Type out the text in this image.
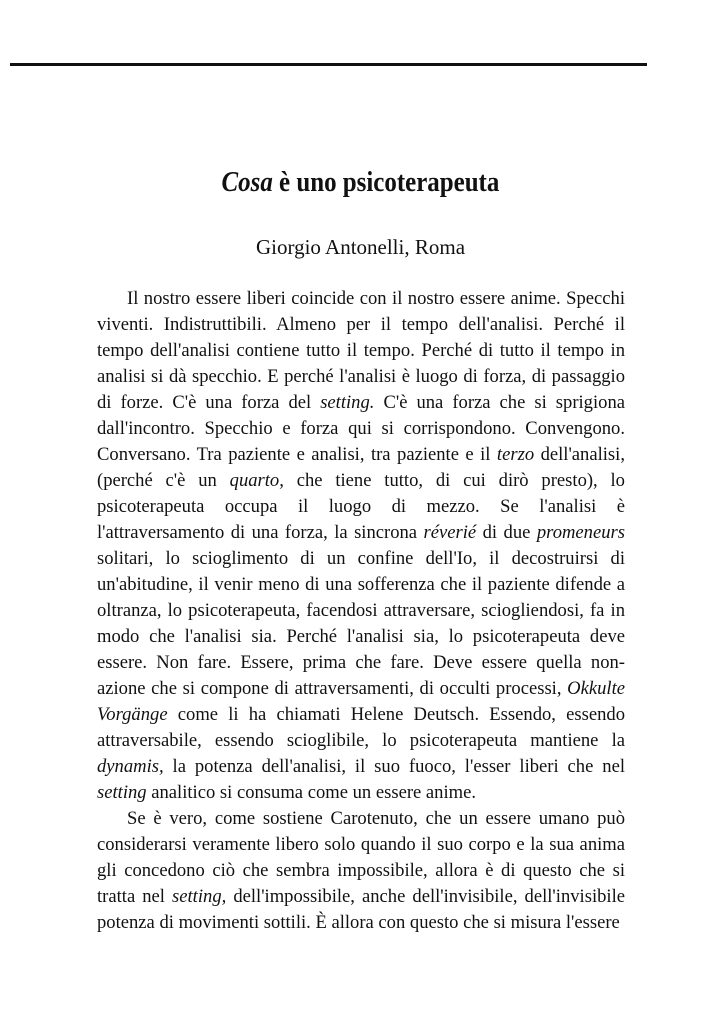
Cosa è uno psicoterapeuta

Giorgio Antonelli, Roma

Il nostro essere liberi coincide con il nostro essere anime. Specchi viventi. Indistruttibili. Almeno per il tempo dell'analisi. Perché il tempo dell'analisi contiene tutto il tempo. Perché di tutto il tempo in analisi si dà specchio. E perché l'analisi è luogo di forza, di passaggio di forze. C'è una forza del setting. C'è una forza che si sprigiona dall'incontro. Specchio e forza qui si corrispondono. Convengono. Conversano. Tra paziente e analisi, tra paziente e il terzo dell'analisi, (perché c'è un quarto, che tiene tutto, di cui dirò presto), lo psicoterapeuta occupa il luogo di mezzo. Se l'analisi è l'attraversamento di una forza, la sincrona réverié di due promeneurs solitari, lo scioglimento di un confine dell'Io, il decostruirsi di un'abitudine, il venir meno di una sofferenza che il paziente difende a oltranza, lo psicoterapeuta, facendosi attraversare, sciogliendosi, fa in modo che l'analisi sia. Perché l'analisi sia, lo psicoterapeuta deve essere. Non fare. Essere, prima che fare. Deve essere quella non-azione che si compone di attraversamenti, di occulti processi, Okkulte Vorgänge come li ha chiamati Helene Deutsch. Essendo, essendo attraversabile, essendo scioglibile, lo psicoterapeuta mantiene la dynamis, la potenza dell'analisi, il suo fuoco, l'esser liberi che nel setting analitico si consuma come un essere anime.

Se è vero, come sostiene Carotenuto, che un essere umano può considerarsi veramente libero solo quando il suo corpo e la sua anima gli concedono ciò che sembra impossibile, allora è di questo che si tratta nel setting, dell'impossibile, anche dell'invisibile, dell'invisibile potenza di movimenti sottili. È allora con questo che si misura l'essere
